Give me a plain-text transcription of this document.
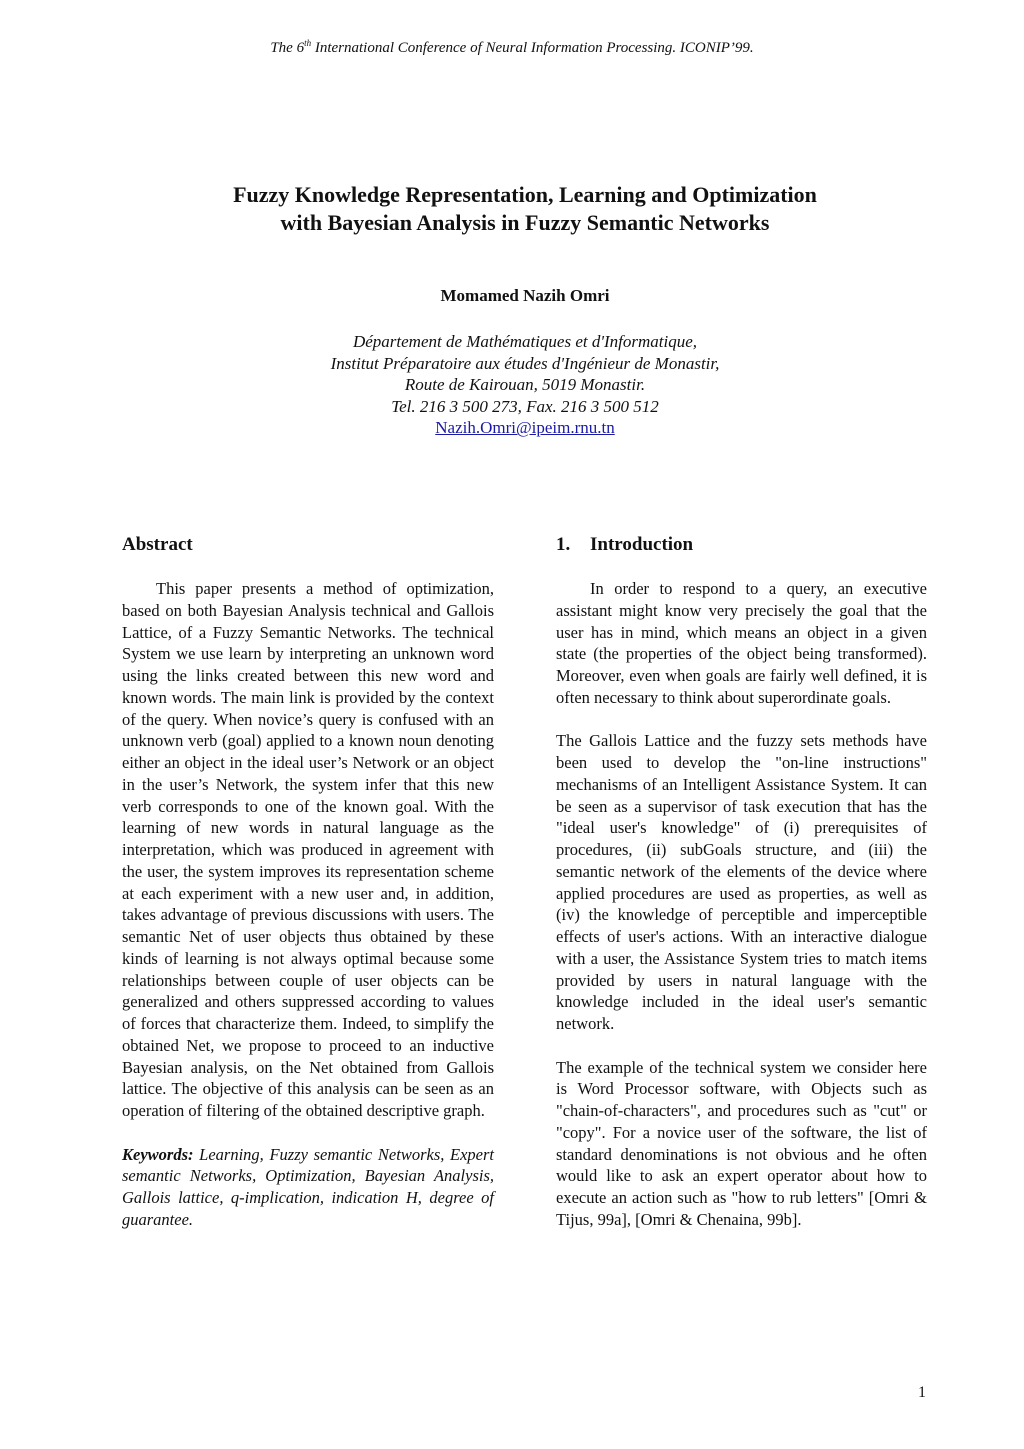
The 6th International Conference of Neural Information Processing. ICONIP’99.
Fuzzy Knowledge Representation, Learning and Optimization
with Bayesian Analysis in Fuzzy Semantic Networks
Momamed Nazih Omri
Département de Mathématiques et d'Informatique,
Institut Préparatoire aux études d'Ingénieur de Monastir,
Route de Kairouan, 5019 Monastir.
Tel. 216 3 500 273, Fax. 216 3 500 512
Nazih.Omri@ipeim.rnu.tn
Abstract

This paper presents a method of optimization, based on both Bayesian Analysis technical and Gallois Lattice, of a Fuzzy Semantic Networks. The technical System we use learn by interpreting an unknown word using the links created between this new word and known words. The main link is provided by the context of the query. When novice’s query is confused with an unknown verb (goal) applied to a known noun denoting either an object in the ideal user’s Network or an object in the user’s Network, the system infer that this new verb corresponds to one of the known goal. With the learning of new words in natural language as the interpretation, which was produced in agreement with the user, the system improves its representation scheme at each experiment with a new user and, in addition, takes advantage of previous discussions with users. The semantic Net of user objects thus obtained by these kinds of learning is not always optimal because some relationships between couple of user objects can be generalized and others suppressed according to values of forces that characterize them. Indeed, to simplify the obtained Net, we propose to proceed to an inductive Bayesian analysis, on the Net obtained from Gallois lattice. The objective of this analysis can be seen as an operation of filtering of the obtained descriptive graph.

Keywords: Learning, Fuzzy semantic Networks, Expert semantic Networks, Optimization, Bayesian Analysis, Gallois lattice, q-implication, indication H, degree of guarantee.

1. Introduction

In order to respond to a query, an executive assistant might know very precisely the goal that the user has in mind, which means an object in a given state (the properties of the object being transformed). Moreover, even when goals are fairly well defined, it is often necessary to think about superordinate goals.

The Gallois Lattice and the fuzzy sets methods have been used to develop the "on-line instructions" mechanisms of an Intelligent Assistance System. It can be seen as a supervisor of task execution that has the "ideal user's knowledge" of (i) prerequisites of procedures, (ii) subGoals structure, and (iii) the semantic network of the elements of the device where applied procedures are used as properties, as well as (iv) the knowledge of perceptible and imperceptible effects of user's actions. With an interactive dialogue with a user, the Assistance System tries to match items provided by users in natural language with the knowledge included in the ideal user's semantic network.

The example of the technical system we consider here is Word Processor software, with Objects such as "chain-of-characters", and procedures such as "cut" or "copy". For a novice user of the software, the list of standard denominations is not obvious and he often would like to ask an expert operator about how to execute an action such as "how to rub letters" [Omri & Tijus, 99a], [Omri & Chenaina, 99b].

1
